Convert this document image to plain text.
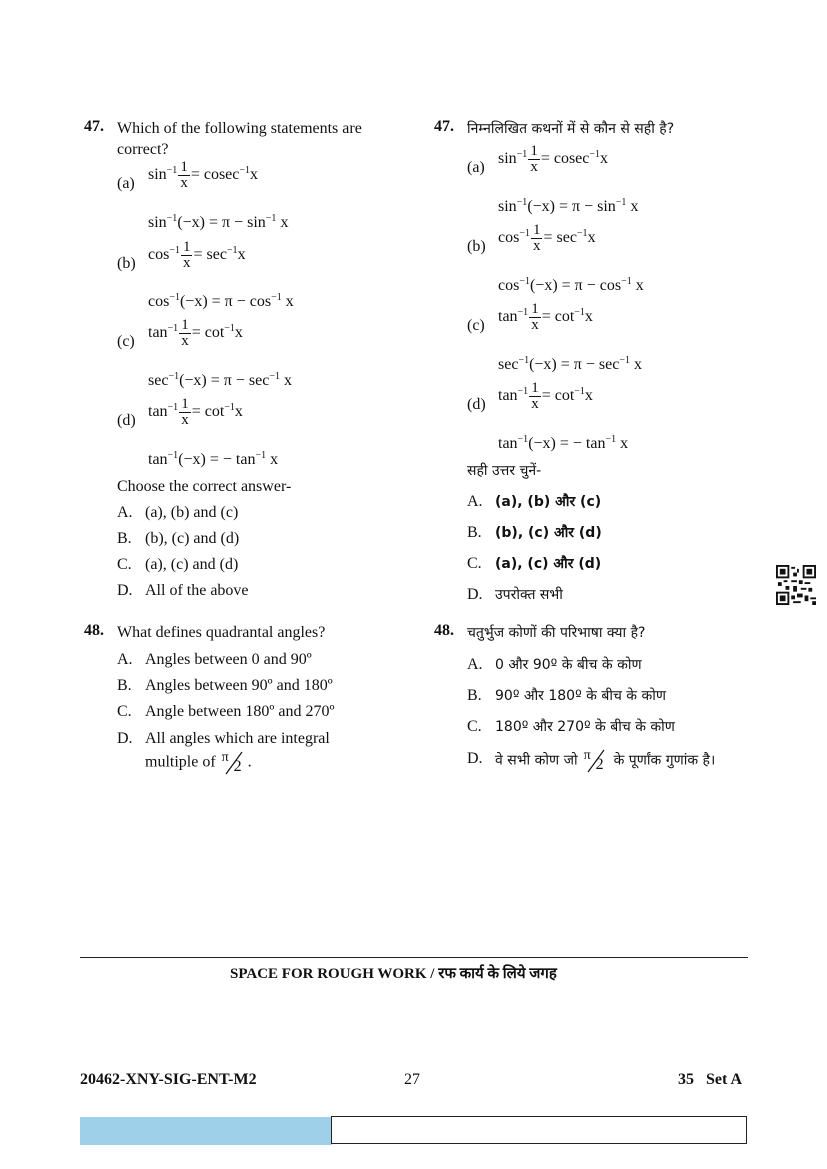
47. Which of the following statements are
correct?
(a)
$\sin^{-1} \frac{1}{x} = cosec^{-1}x$
$\sin^{-1}(-x) = \pi - \sin^{-1} x$
(b)
$\cos^{-1} \frac{1}{x} = \sec^{-1}x$
$\cos^{-1}(-x) = \pi - \cos^{-1} x$
(c)
$\tan^{-1} \frac{1}{x} = \cot^{-1}x$
$\sec^{-1}(-x) = \pi - \sec^{-1} x$
(d)
$\tan^{-1} \frac{1}{x} = \cot^{-1}x$
$\tan^{-1}(-x)$ = − $\tan^{-1} x$
Choose the correct answer-
A. (a), (b) and (c)
B. (b), (c) and (d)
C. (a), (c) and (d)
D. All of the above
48. What defines quadrantal angles?
A. Angles between 0 and 90º
B. Angles between 90º and 180º
C. Angle between 180º and 270º
D. All angles which are integral
multiple of π
2 .
47. निम्नलिखित कथनों में से कौन से सही है?
(a)
$\sin^{-1} \frac{1}{x} = cosec^{-1}x$
$\sin^{-1}(-x) = \pi - \sin^{-1} x$
(b)
$\cos^{-1} \frac{1}{x} = \sec^{-1}x$
$\cos^{-1}(-x) = \pi - \cos^{-1} x$
(c)
$\tan^{-1} \frac{1}{x} = \cot^{-1}x$
$\sec^{-1}(-x) = \pi - \sec^{-1} x$
(d)
$\tan^{-1} \frac{1}{x} = \cot^{-1}x$
$\tan^{-1}(-x)$ = − $\tan^{-1} x$
सही उत्तर चुनें-
A. (a), (b) और (c)
B. (b), (c) और (d)
C. (a), (c) और (d)
D. उपरोक्त सभी
48. चतुर्भुज कोणों की परिभाषा क्या है?
A. 0 और 90º के बीच के कोण
B. 90º और 180º के बीच के कोण
C. 180º और 270º के बीच के कोण
D. वे सभी कोण जो π
2 के पूर्णांक गुणांक है।
SPACE FOR ROUGH WORK / रफ कार्य के लिये जगह
20462-XNY-SIG-ENT-M2	27	35 Set A
